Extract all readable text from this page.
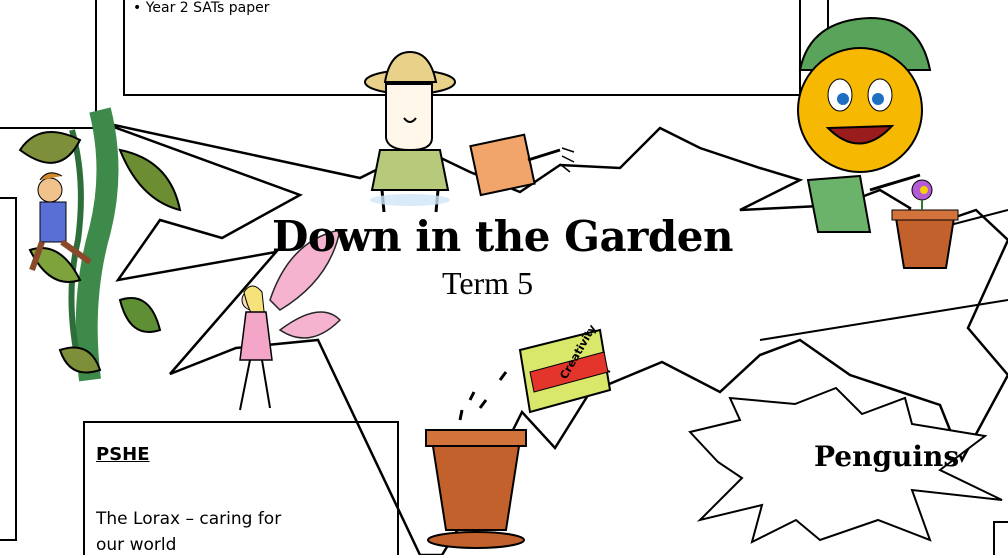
Down in the Garden
Term 5
Penguins
• Year 2 SATs paper
PSHE
The Lorax – caring for
our world
Creativity
